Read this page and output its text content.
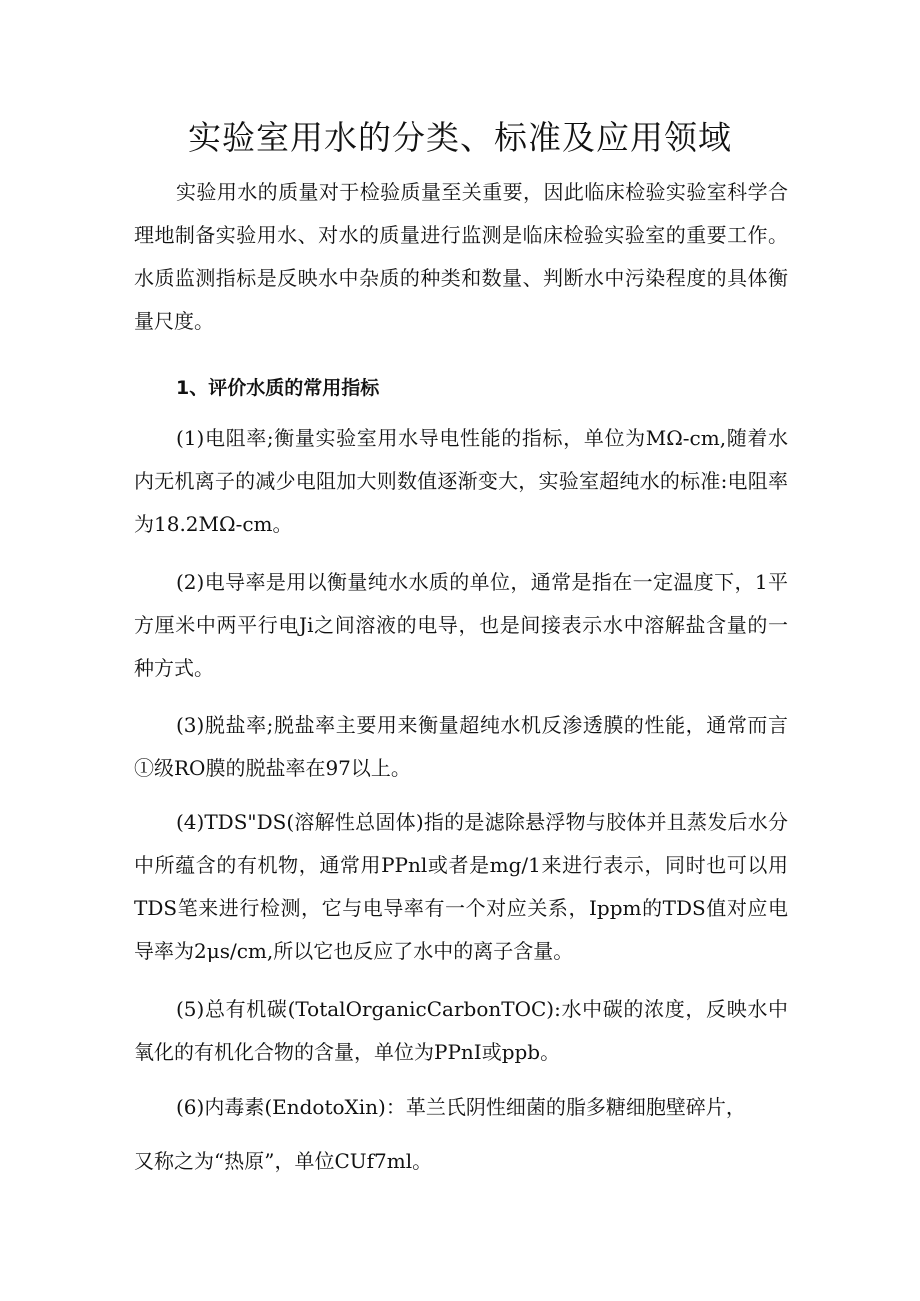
实验室用水的分类、标准及应用领域

实验用水的质量对于检验质量至关重要，因此临床检验实验室科学合理地制备实验用水、对水的质量进行监测是临床检验实验室的重要工作。水质监测指标是反映水中杂质的种类和数量、判断水中污染程度的具体衡量尺度。

1、评价水质的常用指标

(1)电阻率;衡量实验室用水导电性能的指标，单位为MΩ-cm,随着水内无机离子的减少电阻加大则数值逐渐变大，实验室超纯水的标准:电阻率为18.2MΩ-cm。

(2)电导率是用以衡量纯水水质的单位，通常是指在一定温度下，1平方厘米中两平行电Ji之间溶液的电导，也是间接表示水中溶解盐含量的一种方式。

(3)脱盐率;脱盐率主要用来衡量超纯水机反渗透膜的性能，通常而言①级RO膜的脱盐率在97以上。

(4)TDS"DS(溶解性总固体)指的是滤除悬浮物与胶体并且蒸发后水分中所蕴含的有机物，通常用PPnl或者是mg/1来进行表示，同时也可以用TDS笔来进行检测，它与电导率有一个对应关系，Ippm的TDS值对应电导率为2μs/cm,所以它也反应了水中的离子含量。

(5)总有机碳(TotalOrganicCarbonTOC):水中碳的浓度，反映水中氧化的有机化合物的含量，单位为PPnI或ppb。

(6)内毒素(EndotoXin)：革兰氏阴性细菌的脂多糖细胞壁碎片，
又称之为“热原”，单位CUf7ml。
